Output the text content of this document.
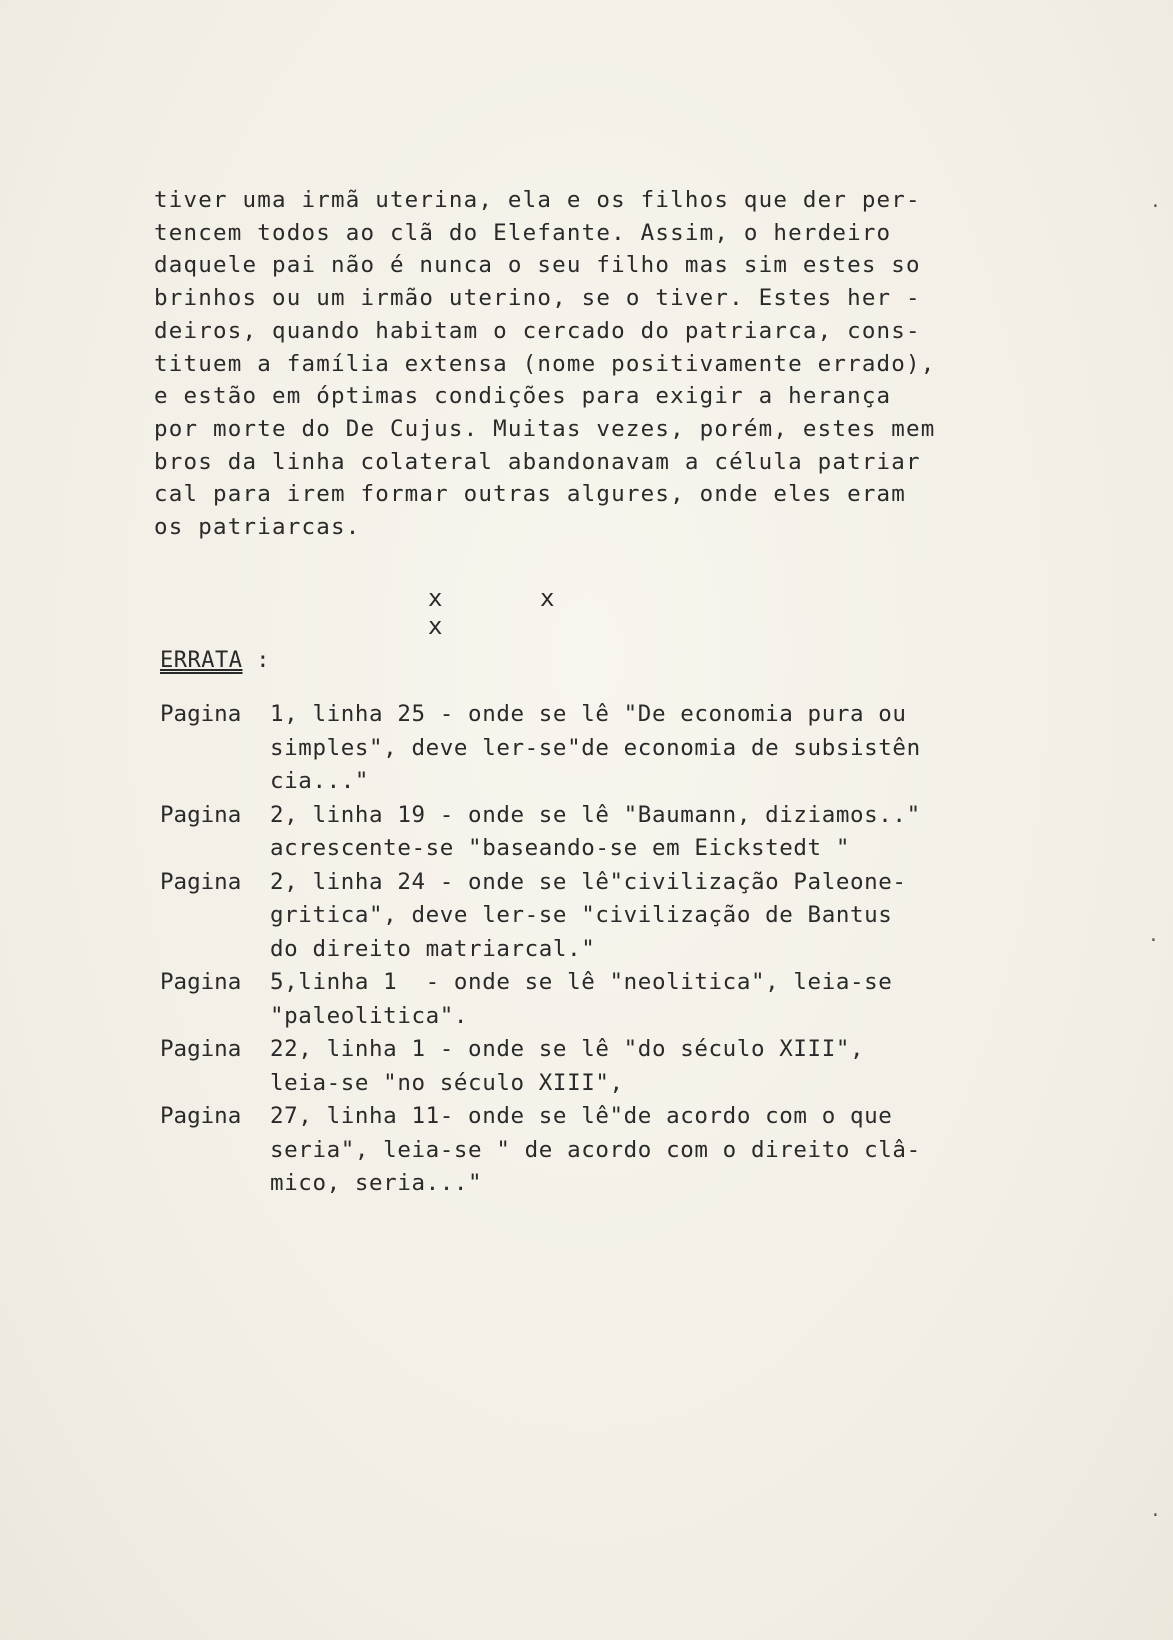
tiver uma irmã uterina, ela e os filhos que der per-
tencem todos ao clã do Elefante. Assim, o herdeiro
daquele pai não é nunca o seu filho mas sim estes so
brinhos ou um irmão uterino, se o tiver. Estes her -
deiros, quando habitam o cercado do patriarca, cons-
tituem a família extensa (nome positivamente errado),
e estão em óptimas condições para exigir a herança
por morte do De Cujus. Muitas vezes, porém, estes mem
bros da linha colateral abandonavam a célula patriar
cal para irem formar outras algures, onde eles eram
os patriarcas.
x	xx
ERRATA :
Pagina	1, linha 25 - onde se lê "De economia pura ou
simples", deve ler-se"de economia de subsistên
cia..."
Pagina	2, linha 19 - onde se lê "Baumann, diziamos.."
acrescente-se "baseando-se em Eickstedt "
Pagina	2, linha 24 - onde se lê"civilização Paleone-
gritica", deve ler-se "civilização de Bantus
do direito matriarcal."
Pagina	5,linha 1  - onde se lê "neolitica", leia-se
"paleolitica".
Pagina	22, linha 1 - onde se lê "do século XIII",
leia-se "no século XIII",
Pagina	27, linha 11- onde se lê"de acordo com o que
seria", leia-se " de acordo com o direito clâ-
mico, seria..."
·
·
·
